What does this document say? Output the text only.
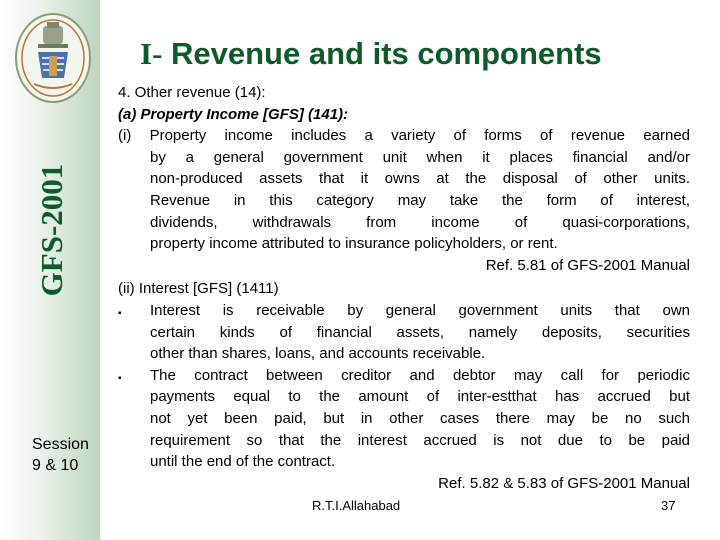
GFS-2001
Session
9 & 10
I- Revenue and its components
4. Other revenue (14):
(a) Property Income [GFS] (141):
(i) Property income includes a variety of forms of revenue earned
by a general government unit when it places financial and/or
non-produced assets that it owns at the disposal of other units.
Revenue in this category may take the form of interest,
dividends, withdrawals from income of quasi-corporations,
property income attributed to insurance policyholders, or rent.
Ref. 5.81 of GFS-2001 Manual
(ii) Interest [GFS] (1411)
▪	Interest is receivable by general government units that own
certain kinds of financial assets, namely deposits, securities
other than shares, loans, and accounts receivable.
▪	The contract between creditor and debtor may call for periodic
payments equal to the amount of inter-estthat has accrued but
not yet been paid, but in other cases there may be no such
requirement so that the interest accrued is not due to be paid
until the end of the contract.
Ref. 5.82 & 5.83 of GFS-2001 Manual
R.T.I.Allahabad	37
